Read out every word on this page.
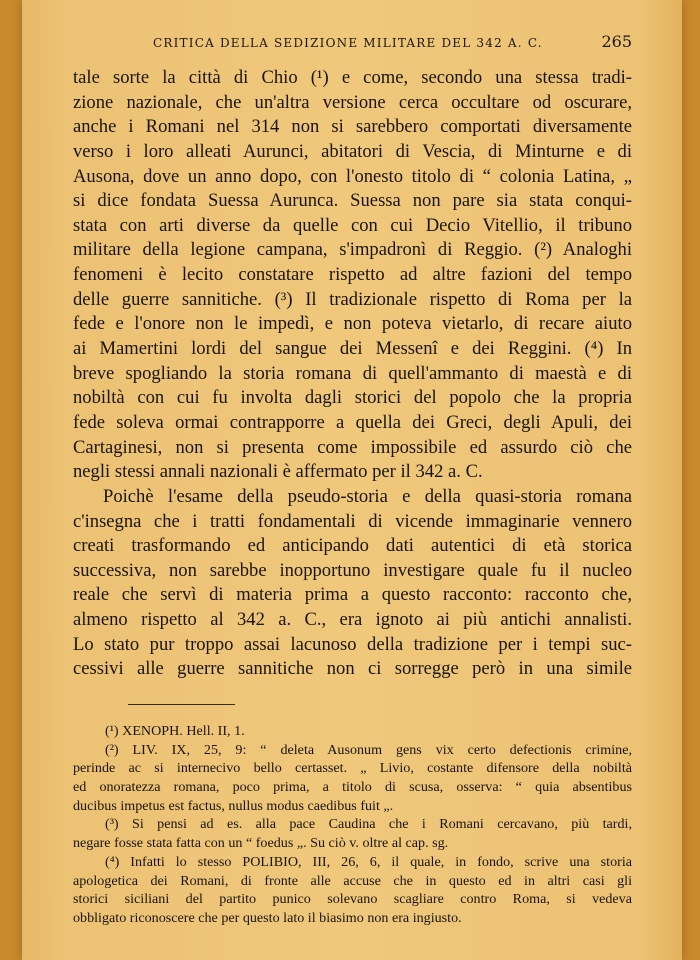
CRITICA DELLA SEDIZIONE MILITARE DEL 342 A. C.	265
tale sorte la città di Chio (¹) e come, secondo una stessa tradi-
zione nazionale, che un'altra versione cerca occultare od oscurare,
anche i Romani nel 314 non si sarebbero comportati diversamente
verso i loro alleati Aurunci, abitatori di Vescia, di Minturne e di
Ausona, dove un anno dopo, con l'onesto titolo di “ colonia Latina, „
si dice fondata Suessa Aurunca. Suessa non pare sia stata conqui-
stata con arti diverse da quelle con cui Decio Vitellio, il tribuno
militare della legione campana, s'impadronì di Reggio. (²) Analoghi
fenomeni è lecito constatare rispetto ad altre fazioni del tempo
delle guerre sannitiche. (³) Il tradizionale rispetto di Roma per la
fede e l'onore non le impedì, e non poteva vietarlo, di recare aiuto
ai Mamertini lordi del sangue dei Messenî e dei Reggini. (⁴) In
breve spogliando la storia romana di quell'ammanto di maestà e di
nobiltà con cui fu involta dagli storici del popolo che la propria
fede soleva ormai contrapporre a quella dei Greci, degli Apuli, dei
Cartaginesi, non si presenta come impossibile ed assurdo ciò che
negli stessi annali nazionali è affermato per il 342 a. C.
Poichè l'esame della pseudo-storia e della quasi-storia romana
c'insegna che i tratti fondamentali di vicende immaginarie vennero
creati trasformando ed anticipando dati autentici di età storica
successiva, non sarebbe inopportuno investigare quale fu il nucleo
reale che servì di materia prima a questo racconto: racconto che,
almeno rispetto al 342 a. C., era ignoto ai più antichi annalisti.
Lo stato pur troppo assai lacunoso della tradizione per i tempi suc-
cessivi alle guerre sannitiche non ci sorregge però in una simile
(¹) XENOPH. Hell. II, 1.
(²) LIV. IX, 25, 9: “ deleta Ausonum gens vix certo defectionis crimine,
perinde ac si internecivo bello certasset. „ Livio, costante difensore della nobiltà
ed onoratezza romana, poco prima, a titolo di scusa, osserva: “ quia absentibus
ducibus impetus est factus, nullus modus caedibus fuit „.
(³) Si pensi ad es. alla pace Caudina che i Romani cercavano, più tardi,
negare fosse stata fatta con un “ foedus „. Su ciò v. oltre al cap. sg.
(⁴) Infatti lo stesso POLIBIO, III, 26, 6, il quale, in fondo, scrive una storia
apologetica dei Romani, di fronte alle accuse che in questo ed in altri casi gli
storici siciliani del partito punico solevano scagliare contro Roma, si vedeva
obbligato riconoscere che per questo lato il biasimo non era ingiusto.
